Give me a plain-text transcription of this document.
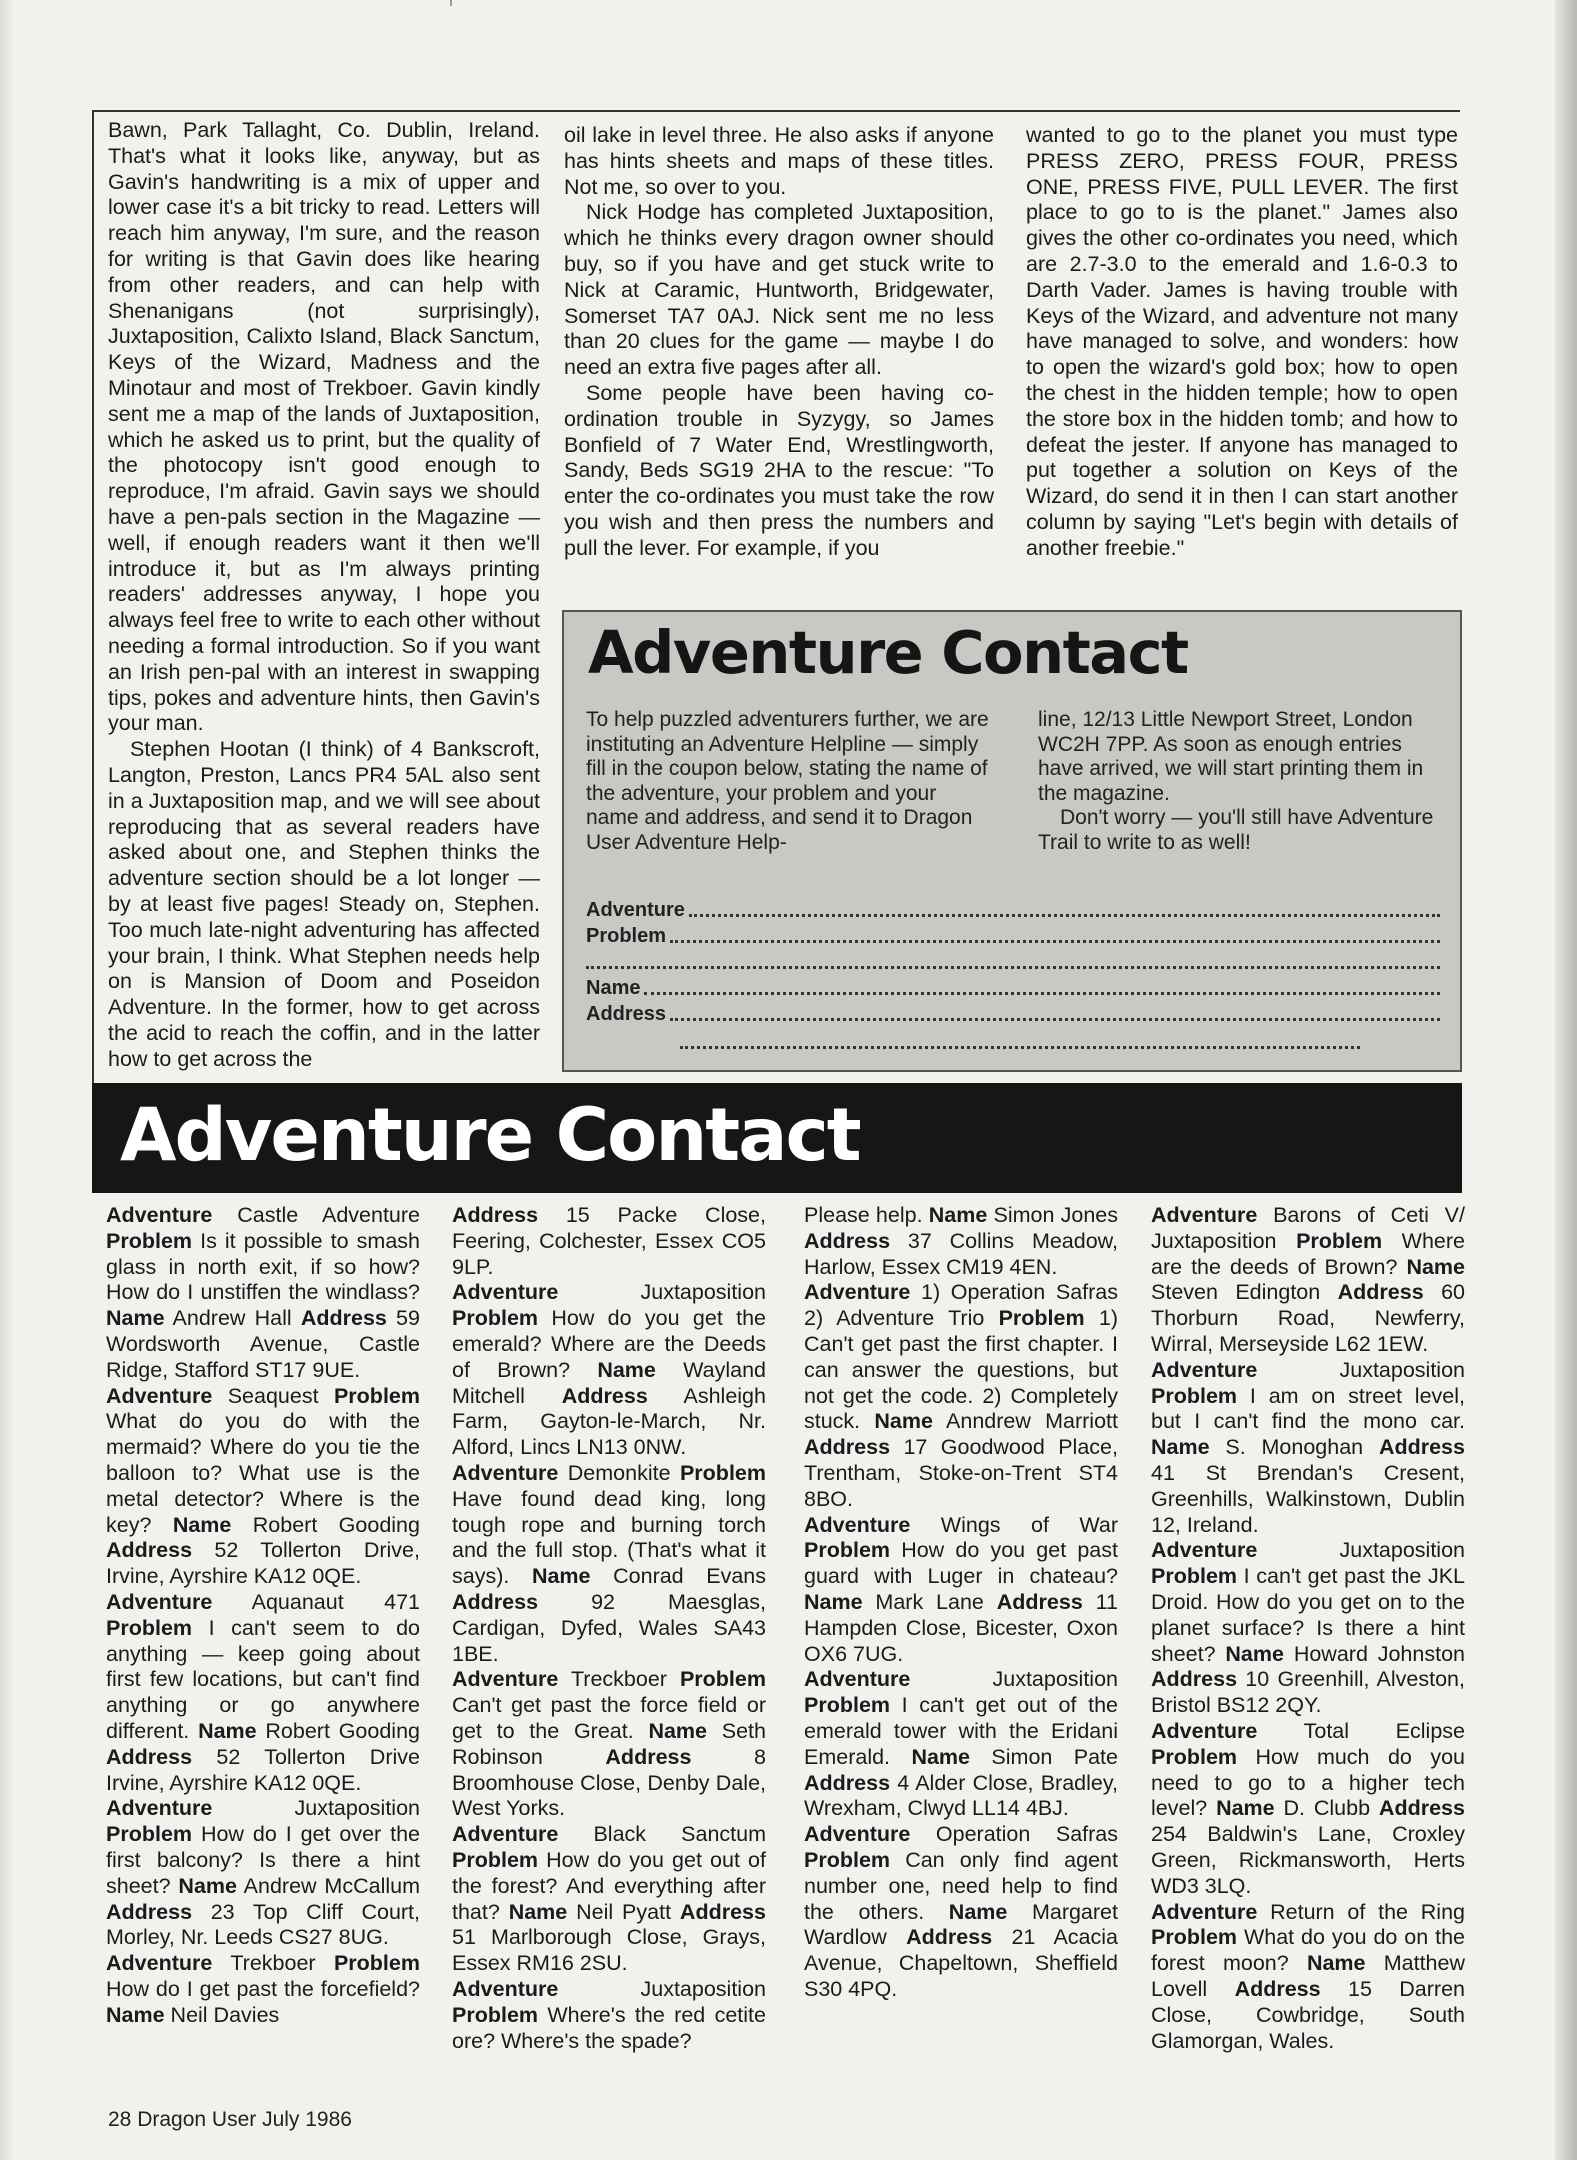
Bawn, Park Tallaght, Co. Dublin, Ireland. That's what it looks like, anyway, but as Gavin's handwriting is a mix of upper and lower case it's a bit tricky to read. Letters will reach him anyway, I'm sure, and the reason for writing is that Gavin does like hearing from other readers, and can help with Shenanigans (not surprisingly), Juxtaposition, Calixto Island, Black Sanctum, Keys of the Wizard, Madness and the Minotaur and most of Trekboer. Gavin kindly sent me a map of the lands of Juxtaposition, which he asked us to print, but the quality of the photocopy isn't good enough to reproduce, I'm afraid. Gavin says we should have a pen-pals section in the Magazine — well, if enough readers want it then we'll introduce it, but as I'm always printing readers' addresses anyway, I hope you always feel free to write to each other without needing a formal introduction. So if you want an Irish pen-pal with an interest in swapping tips, pokes and adventure hints, then Gavin's your man.

Stephen Hootan (I think) of 4 Bankscroft, Langton, Preston, Lancs PR4 5AL also sent in a Juxtaposition map, and we will see about reproducing that as several readers have asked about one, and Stephen thinks the adventure section should be a lot longer — by at least five pages! Steady on, Stephen. Too much late-night adventuring has affected your brain, I think. What Stephen needs help on is Mansion of Doom and Poseidon Adventure. In the former, how to get across the acid to reach the coffin, and in the latter how to get across the

oil lake in level three. He also asks if anyone has hints sheets and maps of these titles. Not me, so over to you.

Nick Hodge has completed Juxtaposition, which he thinks every dragon owner should buy, so if you have and get stuck write to Nick at Caramic, Huntworth, Bridgewater, Somerset TA7 0AJ. Nick sent me no less than 20 clues for the game — maybe I do need an extra five pages after all.

Some people have been having co-ordination trouble in Syzygy, so James Bonfield of 7 Water End, Wrestlingworth, Sandy, Beds SG19 2HA to the rescue: "To enter the co-ordinates you must take the row you wish and then press the numbers and pull the lever. For example, if you

wanted to go to the planet you must type PRESS ZERO, PRESS FOUR, PRESS ONE, PRESS FIVE, PULL LEVER. The first place to go to is the planet." James also gives the other co-ordinates you need, which are 2.7-3.0 to the emerald and 1.6-0.3 to Darth Vader. James is having trouble with Keys of the Wizard, and adventure not many have managed to solve, and wonders: how to open the wizard's gold box; how to open the chest in the hidden temple; how to open the store box in the hidden tomb; and how to defeat the jester. If anyone has managed to put together a solution on Keys of the Wizard, do send it in then I can start another column by saying "Let's begin with details of another freebie."

Adventure Contact

To help puzzled adventurers further, we are instituting an Adventure Helpline — simply fill in the coupon below, stating the name of the adventure, your problem and your name and address, and send it to Dragon User Adventure Help-

line, 12/13 Little Newport Street, London WC2H 7PP. As soon as enough entries have arrived, we will start printing them in the magazine.

Don't worry — you'll still have Adventure Trail to write to as well!

Adventure
Problem
Name
Address
Adventure Contact

Adventure Castle Adventure Problem Is it possible to smash glass in north exit, if so how? How do I unstiffen the windlass? Name Andrew Hall Address 59 Wordsworth Avenue, Castle Ridge, Stafford ST17 9UE.

Adventure Seaquest Problem What do you do with the mermaid? Where do you tie the balloon to? What use is the metal detector? Where is the key? Name Robert Gooding Address 52 Tollerton Drive, Irvine, Ayrshire KA12 0QE.

Adventure Aquanaut 471 Problem I can't seem to do anything — keep going about first few locations, but can't find anything or go anywhere different. Name Robert Gooding Address 52 Tollerton Drive Irvine, Ayrshire KA12 0QE.

Adventure	Juxtaposition Problem How do I get over the first balcony? Is there a hint sheet? Name Andrew McCallum Address 23 Top Cliff Court, Morley, Nr. Leeds CS27 8UG.

Adventure Trekboer Problem How do I get past the forcefield? Name Neil Davies

Address 15 Packe Close, Feering, Colchester, Essex CO5 9LP.

Adventure	Juxtaposition Problem How do you get the emerald? Where are the Deeds of Brown? Name Wayland Mitchell Address Ashleigh Farm, Gayton-le-March, Nr. Alford, Lincs LN13 0NW.

Adventure Demonkite Problem Have found dead king, long tough rope and burning torch and the full stop. (That's what it says). Name Conrad Evans Address 92 Maesglas, Cardigan, Dyfed, Wales SA43 1BE.

Adventure Treckboer Problem Can't get past the force field or get to the Great. Name Seth Robinson	Address	8 Broomhouse Close, Denby Dale, West Yorks.

Adventure Black Sanctum Problem How do you get out of the forest? And everything after that? Name Neil Pyatt Address 51 Marlborough Close, Grays, Essex RM16 2SU.

Adventure	Juxtaposition Problem Where's the red cetite ore? Where's the spade?

Please help. Name Simon Jones Address 37 Collins Meadow, Harlow, Essex CM19 4EN.

Adventure 1) Operation Safras 2) Adventure Trio Problem 1) Can't get past the first chapter. I can answer the questions, but not get the code. 2) Completely stuck. Name Anndrew Marriott Address 17 Goodwood Place, Trentham, Stoke-on-Trent ST4 8BO.

Adventure Wings of War Problem How do you get past guard with Luger in chateau? Name Mark Lane Address 11 Hampden Close, Bicester, Oxon OX6 7UG.

Adventure	Juxtaposition Problem I can't get out of the emerald tower with the Eridani Emerald. Name Simon Pate Address 4 Alder Close, Bradley, Wrexham, Clwyd LL14 4BJ.

Adventure Operation Safras Problem Can only find agent number one, need help to find the others. Name Margaret Wardlow Address 21 Acacia Avenue, Chapeltown, Sheffield S30 4PQ.

Adventure Barons of Ceti V/ Juxtaposition Problem Where are the deeds of Brown? Name Steven Edington Address 60 Thorburn Road, Newferry, Wirral, Merseyside L62 1EW.

Adventure	Juxtaposition Problem I am on street level, but I can't find the mono car. Name S. Monoghan Address 41 St Brendan's Cresent, Greenhills, Walkinstown, Dublin 12, Ireland.

Adventure	Juxtaposition Problem I can't get past the JKL Droid. How do you get on to the planet surface? Is there a hint sheet? Name Howard Johnston Address 10 Greenhill, Alveston, Bristol BS12 2QY.

Adventure Total Eclipse Problem How much do you need to go to a higher tech level? Name D. Clubb Address 254 Baldwin's Lane, Croxley Green, Rickmansworth, Herts WD3 3LQ.

Adventure Return of the Ring Problem What do you do on the forest moon? Name Matthew Lovell Address 15 Darren Close, Cowbridge, South Glamorgan, Wales.

28 Dragon User July 1986
